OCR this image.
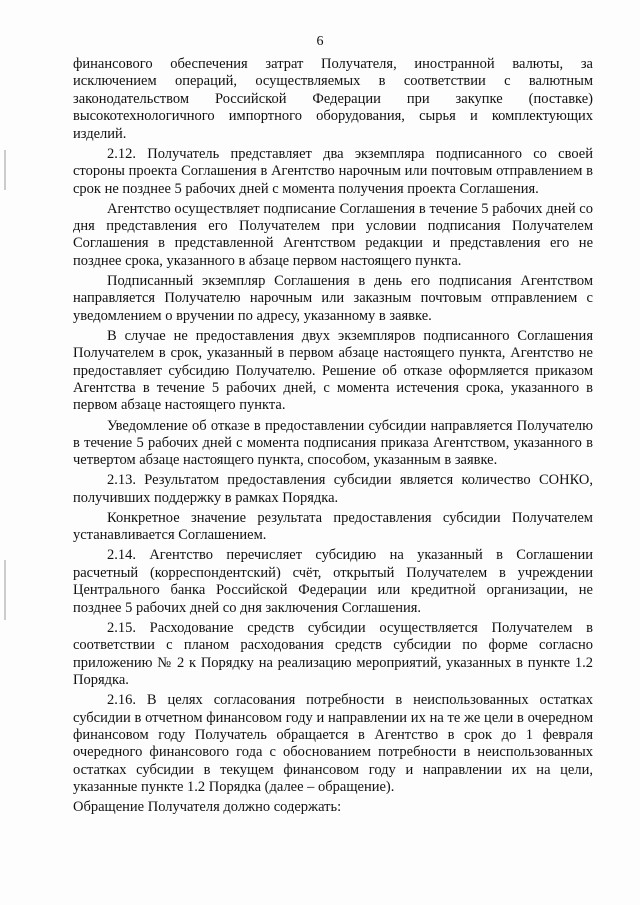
6

финансового обеспечения затрат Получателя, иностранной валюты, за исключением операций, осуществляемых в соответствии с валютным законодательством Российской Федерации при закупке (поставке) высокотехнологичного импортного оборудования, сырья и комплектующих изделий.

2.12. Получатель представляет два экземпляра подписанного со своей стороны проекта Соглашения в Агентство нарочным или почтовым отправлением в срок не позднее 5 рабочих дней с момента получения проекта Соглашения.

Агентство осуществляет подписание Соглашения в течение 5 рабочих дней со дня представления его Получателем при условии подписания Получателем Соглашения в представленной Агентством редакции и представления его не позднее срока, указанного в абзаце первом настоящего пункта.

Подписанный экземпляр Соглашения в день его подписания Агентством направляется Получателю нарочным или заказным почтовым отправлением с уведомлением о вручении по адресу, указанному в заявке.

В случае не предоставления двух экземпляров подписанного Соглашения Получателем в срок, указанный в первом абзаце настоящего пункта, Агентство не предоставляет субсидию Получателю. Решение об отказе оформляется приказом Агентства в течение 5 рабочих дней, с момента истечения срока, указанного в первом абзаце настоящего пункта.

Уведомление об отказе в предоставлении субсидии направляется Получателю в течение 5 рабочих дней с момента подписания приказа Агентством, указанного в четвертом абзаце настоящего пункта, способом, указанным в заявке.

2.13. Результатом предоставления субсидии является количество СОНКО, получивших поддержку в рамках Порядка.

Конкретное значение результата предоставления субсидии Получателем устанавливается Соглашением.

2.14. Агентство перечисляет субсидию на указанный в Соглашении расчетный (корреспондентский) счёт, открытый Получателем в учреждении Центрального банка Российской Федерации или кредитной организации, не позднее 5 рабочих дней со дня заключения Соглашения.

2.15. Расходование средств субсидии осуществляется Получателем в соответствии с планом расходования средств субсидии по форме согласно приложению № 2 к Порядку на реализацию мероприятий, указанных в пункте 1.2 Порядка.

2.16. В целях согласования потребности в неиспользованных остатках субсидии в отчетном финансовом году и направлении их на те же цели в очередном финансовом году Получатель обращается в Агентство в срок до 1 февраля очередного финансового года с обоснованием потребности в неиспользованных остатках субсидии в текущем финансовом году и направлении их на цели, указанные пункте 1.2 Порядка (далее – обращение).

Обращение Получателя должно содержать:
